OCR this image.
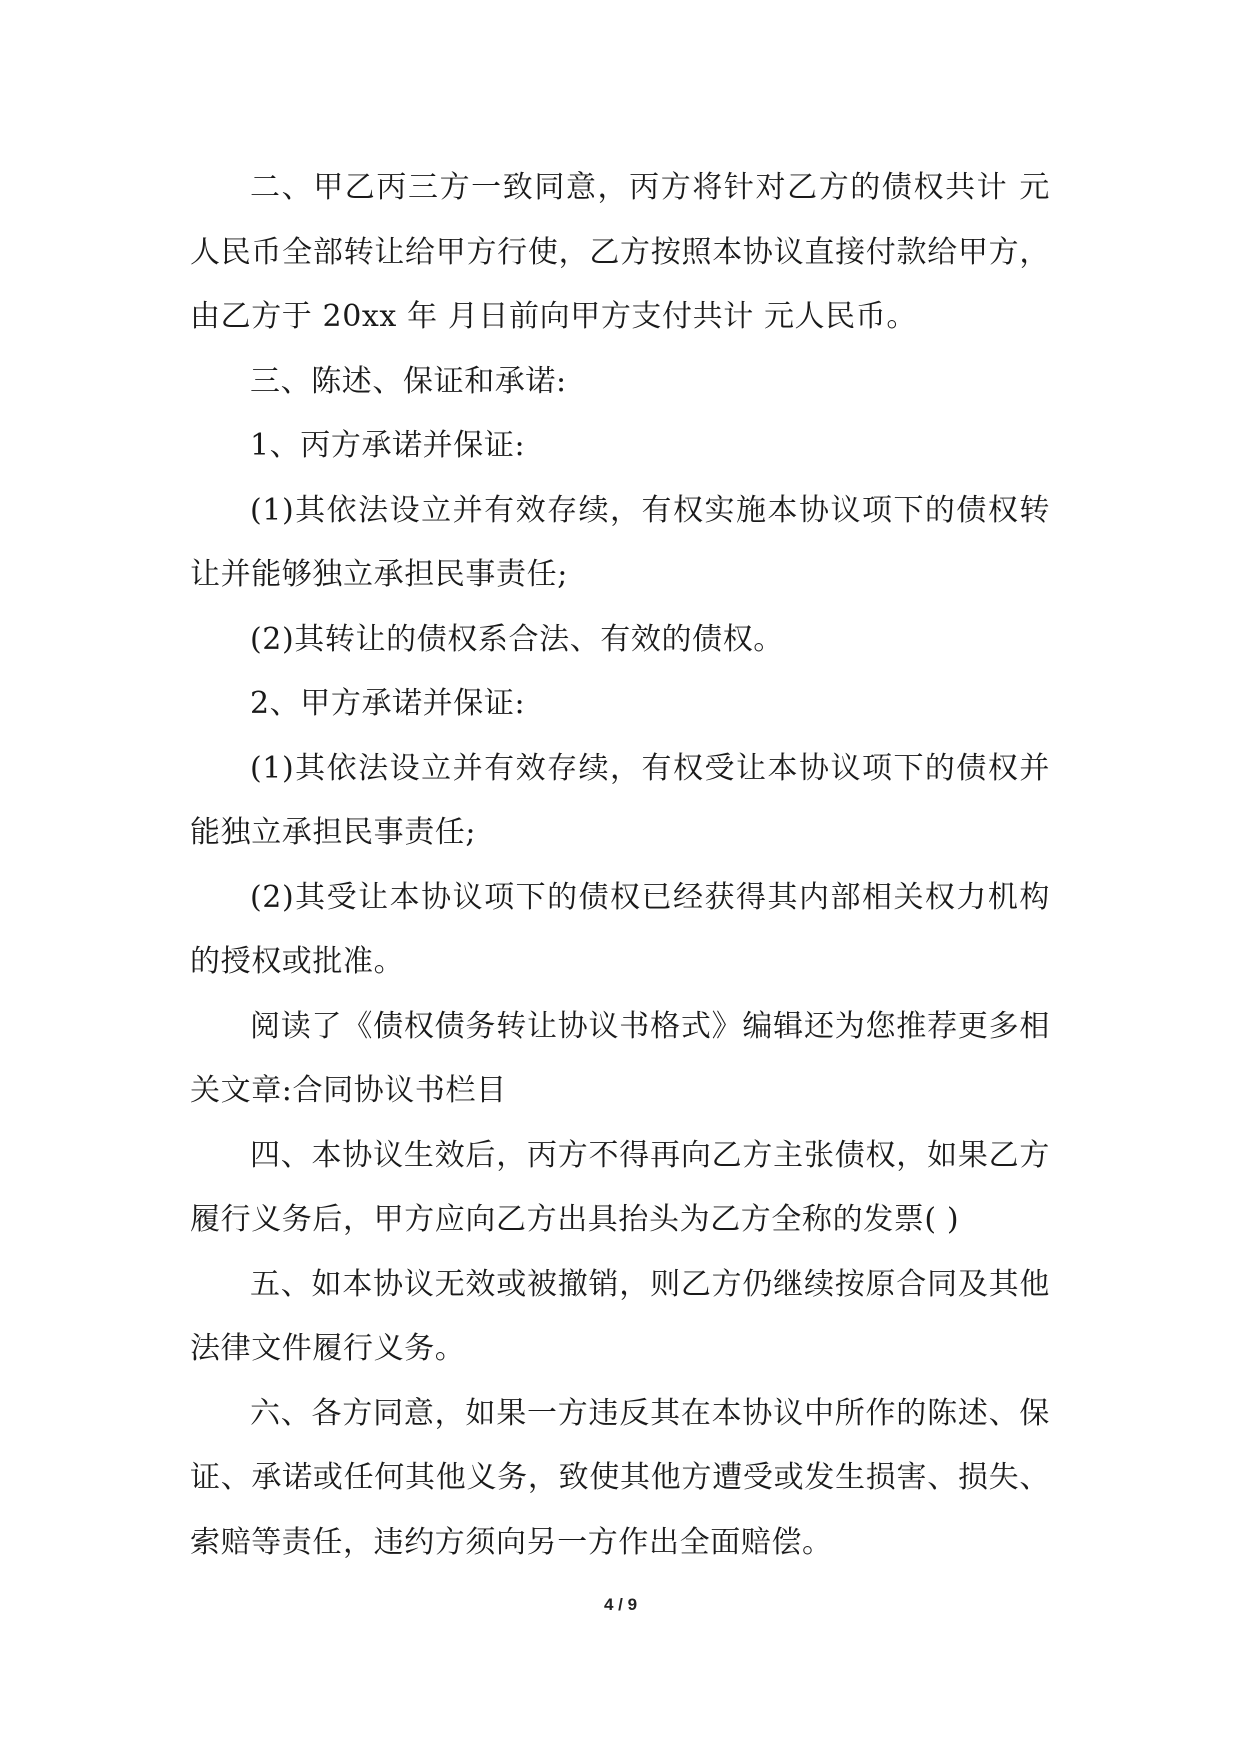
二、甲乙丙三方一致同意，丙方将针对乙方的债权共计 元人民币全部转让给甲方行使，乙方按照本协议直接付款给甲方，由乙方于 20xx 年 月日前向甲方支付共计 元人民币。

三、陈述、保证和承诺:

1、丙方承诺并保证:

(1)其依法设立并有效存续，有权实施本协议项下的债权转让并能够独立承担民事责任;

(2)其转让的债权系合法、有效的债权。

2、甲方承诺并保证:

(1)其依法设立并有效存续，有权受让本协议项下的债权并能独立承担民事责任;

(2)其受让本协议项下的债权已经获得其内部相关权力机构的授权或批准。

阅读了《债权债务转让协议书格式》编辑还为您推荐更多相关文章:合同协议书栏目

四、本协议生效后，丙方不得再向乙方主张债权，如果乙方履行义务后，甲方应向乙方出具抬头为乙方全称的发票( )

五、如本协议无效或被撤销，则乙方仍继续按原合同及其他法律文件履行义务。

六、各方同意，如果一方违反其在本协议中所作的陈述、保证、承诺或任何其他义务，致使其他方遭受或发生损害、损失、索赔等责任，违约方须向另一方作出全面赔偿。

4 / 9
